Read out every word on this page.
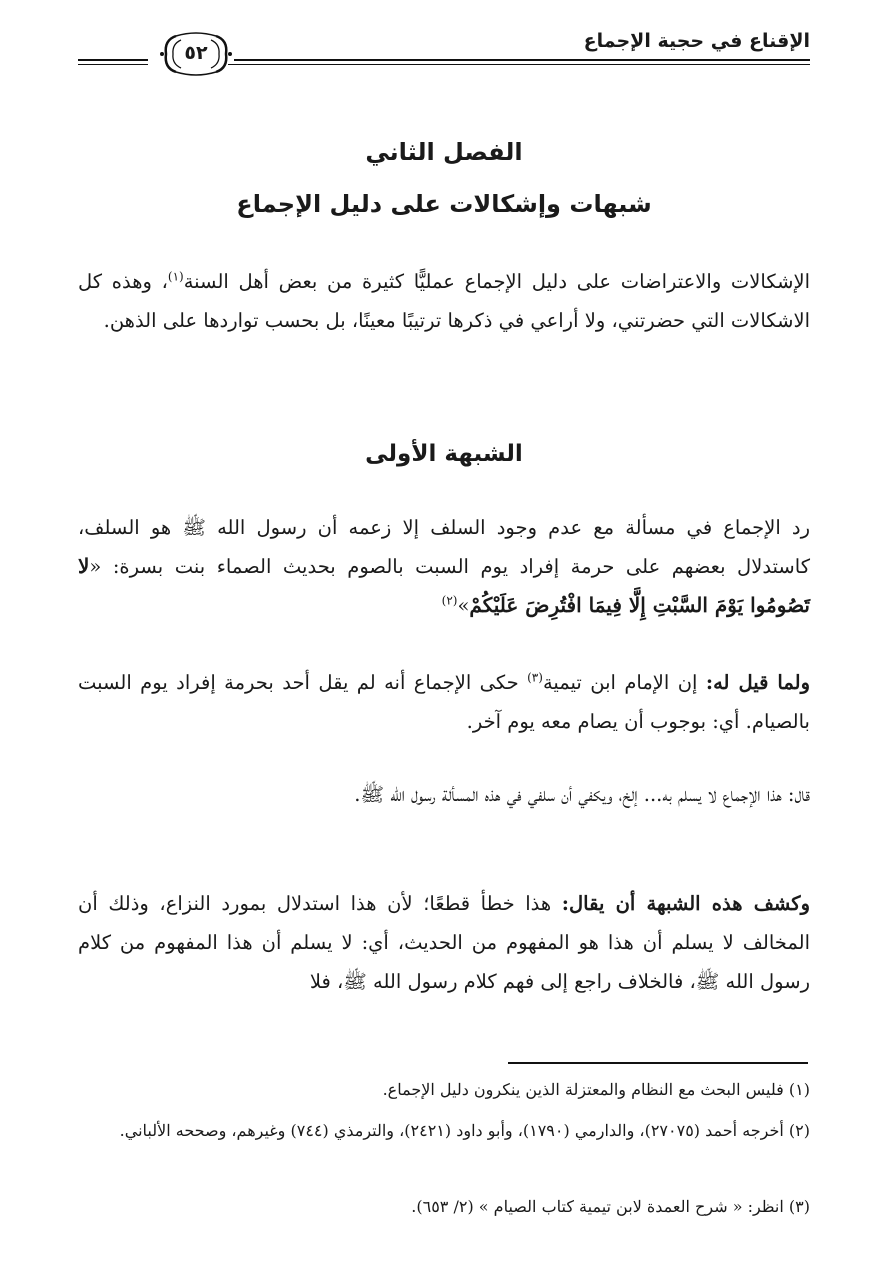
الإقناع في حجية الإجماع
٥٢
الفصل الثاني
شبهات وإشكالات على دليل الإجماع

الإشكالات والاعتراضات على دليل الإجماع عمليًّا كثيرة من بعض أهل السنة$^{(١)}$، وهذه كل الاشكالات التي حضرتني، ولا أراعي في ذكرها ترتيبًا معينًا، بل بحسب تواردها على الذهن.

الشبهة الأولى

رد الإجماع في مسألة مع عدم وجود السلف إلا زعمه أن رسول الله ﷺ هو السلف، كاستدلال بعضهم على حرمة إفراد يوم السبت بالصوم بحديث الصماء بنت بسرة: «لا تَصُومُوا يَوْمَ السَّبْتِ إِلَّا فِيمَا افْتُرِضَ عَلَيْكُمْ»$^{(٢)}$

ولما قيل له: إن الإمام ابن تيمية$^{(٣)}$ حكى الإجماع أنه لم يقل أحد بحرمة إفراد يوم السبت بالصيام. أي: بوجوب أن يصام معه يوم آخر.

قال: هذا الإجماع لا يسلم به... إلخ، ويكفي أن سلفي في هذه المسألة رسول الله ﷺ.

وكشف هذه الشبهة أن يقال: هذا خطأ قطعًا؛ لأن هذا استدلال بمورد النزاع، وذلك أن المخالف لا يسلم أن هذا هو المفهوم من الحديث، أي: لا يسلم أن هذا المفهوم من كلام رسول الله ﷺ، فالخلاف راجع إلى فهم كلام رسول الله ﷺ، فلا

(١) فليس البحث مع النظام والمعتزلة الذين ينكرون دليل الإجماع.

(٢) أخرجه أحمد (٢٧٠٧٥)، والدارمي (١٧٩٠)، وأبو داود (٢٤٢١)، والترمذي (٧٤٤) وغيرهم، وصححه الألباني.

(٣) انظر: « شرح العمدة لابن تيمية كتاب الصيام » (٢/ ٦٥٣).
